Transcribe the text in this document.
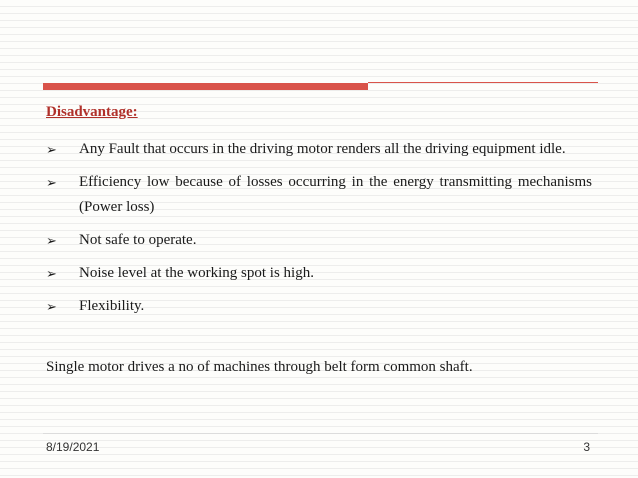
Disadvantage:
➢ Any Fault that occurs in the driving motor renders all the driving equipment idle.
➢ Efficiency low because of losses occurring in the energy transmitting mechanisms (Power loss)
➢ Not safe to operate.
➢ Noise level at the working spot is high.
➢ Flexibility.
Single motor drives a no of machines through belt form common shaft.
8/19/2021	3
